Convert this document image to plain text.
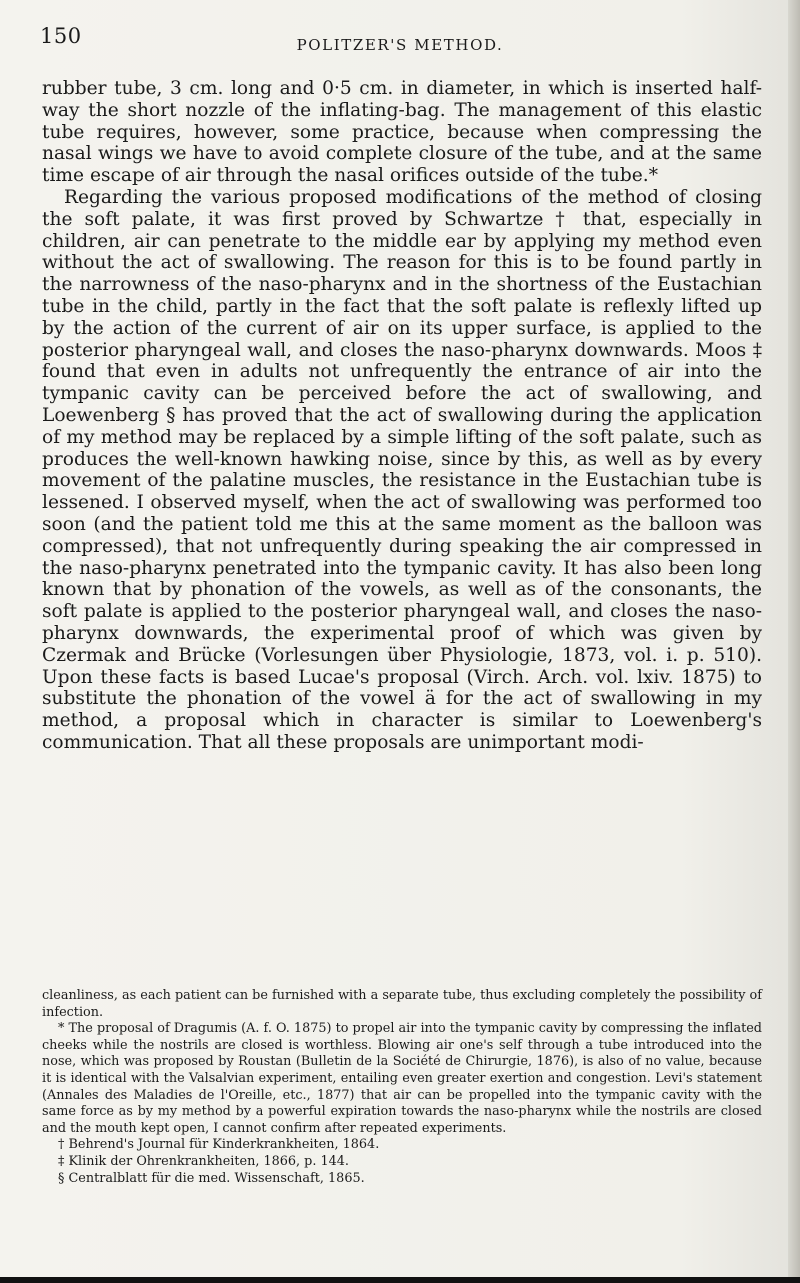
150	POLITZER'S METHOD.

rubber tube, 3 cm. long and 0·5 cm. in diameter, in which is inserted half-way the short nozzle of the inflating-bag. The management of this elastic tube requires, however, some practice, because when compressing the nasal wings we have to avoid complete closure of the tube, and at the same time escape of air through the nasal orifices outside of the tube.*

Regarding the various proposed modifications of the method of closing the soft palate, it was first proved by Schwartze † that, especially in children, air can penetrate to the middle ear by applying my method even without the act of swallowing. The reason for this is to be found partly in the narrowness of the naso-pharynx and in the shortness of the Eustachian tube in the child, partly in the fact that the soft palate is reflexly lifted up by the action of the current of air on its upper surface, is applied to the posterior pharyngeal wall, and closes the naso-pharynx downwards. Moos ‡ found that even in adults not unfrequently the entrance of air into the tympanic cavity can be perceived before the act of swallowing, and Loewenberg § has proved that the act of swallowing during the application of my method may be replaced by a simple lifting of the soft palate, such as produces the well-known hawking noise, since by this, as well as by every movement of the palatine muscles, the resistance in the Eustachian tube is lessened. I observed myself, when the act of swallowing was performed too soon (and the patient told me this at the same moment as the balloon was compressed), that not unfrequently during speaking the air compressed in the naso-pharynx penetrated into the tympanic cavity. It has also been long known that by phonation of the vowels, as well as of the consonants, the soft palate is applied to the posterior pharyngeal wall, and closes the naso-pharynx downwards, the experimental proof of which was given by Czermak and Brücke (Vorlesungen über Physiologie, 1873, vol. i. p. 510). Upon these facts is based Lucae's proposal (Virch. Arch. vol. lxiv. 1875) to substitute the phonation of the vowel ä for the act of swallowing in my method, a proposal which in character is similar to Loewenberg's communication. That all these proposals are unimportant modi-

cleanliness, as each patient can be furnished with a separate tube, thus excluding completely the possibility of infection.

* The proposal of Dragumis (A. f. O. 1875) to propel air into the tympanic cavity by compressing the inflated cheeks while the nostrils are closed is worthless. Blowing air one's self through a tube introduced into the nose, which was proposed by Roustan (Bulletin de la Société de Chirurgie, 1876), is also of no value, because it is identical with the Valsalvian experiment, entailing even greater exertion and congestion. Levi's statement (Annales des Maladies de l'Oreille, etc., 1877) that air can be propelled into the tympanic cavity with the same force as by my method by a powerful expiration towards the naso-pharynx while the nostrils are closed and the mouth kept open, I cannot confirm after repeated experiments.

† Behrend's Journal für Kinderkrankheiten, 1864.

‡ Klinik der Ohrenkrankheiten, 1866, p. 144.

§ Centralblatt für die med. Wissenschaft, 1865.
